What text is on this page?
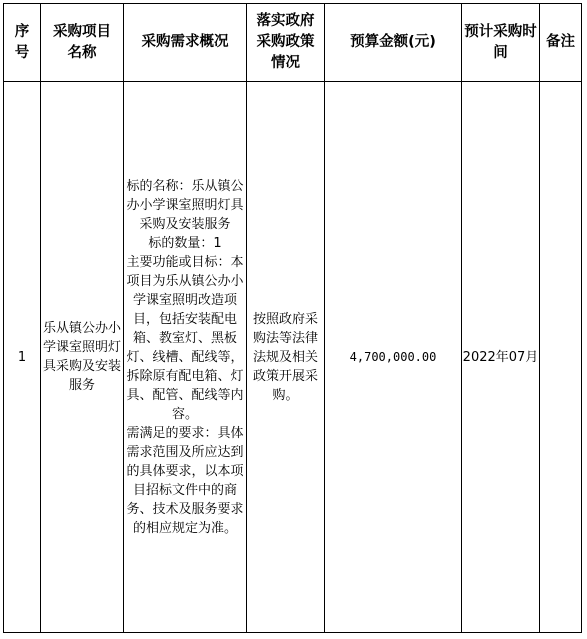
序号	采购项目名称	采购需求概况	落实政府采购政策情况	预算金额(元)	预计采购时间	备注
1	乐从镇公办小学课室照明灯具采购及安装服务	标的名称：乐从镇公办小学课室照明灯具采购及安装服务

标的数量：1

主要功能或目标：本项目为乐从镇公办小学课室照明改造项目，包括安装配电箱、教室灯、黑板灯、线槽、配线等，拆除原有配电箱、灯具、配管、配线等内容。

需满足的要求：具体需求范围及所应达到的具体要求，以本项目招标文件中的商务、技术及服务要求的相应规定为准。	按照政府采购法等法律法规及相关政策开展采购。	4,700,000.00	2022年07月	
